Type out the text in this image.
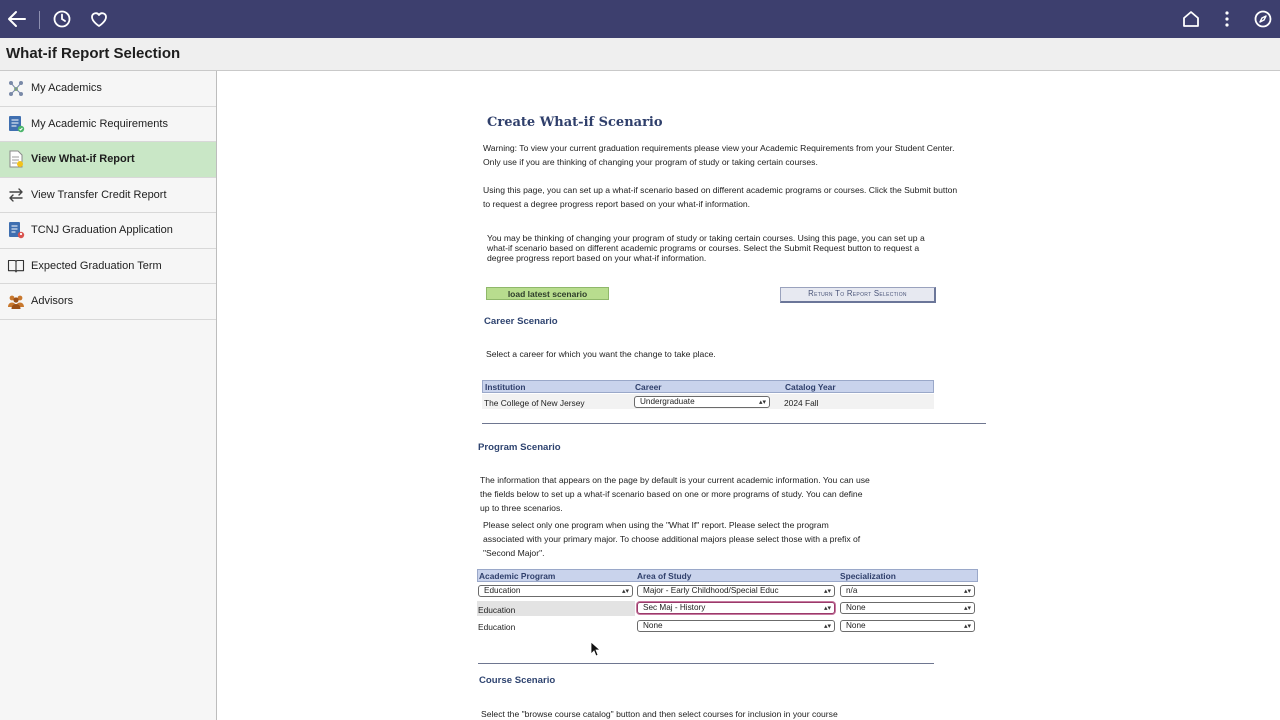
What-if Report Selection
My Academics
My Academic Requirements
View What-if Report
View Transfer Credit Report
TCNJ Graduation Application
Expected Graduation Term
Advisors
Create What-if Scenario
Warning: To view your current graduation requirements please view your Academic Requirements from your Student Center. Only use if you are thinking of changing your program of study or taking certain courses.
Using this page, you can set up a what-if scenario based on different academic programs or courses. Click the Submit button to request a degree progress report based on your what-if information.
You may be thinking of changing your program of study or taking certain courses. Using this page, you can set up a what-if scenario based on different academic programs or courses. Select the Submit Request button to request a degree progress report based on your what-if information.
load latest scenario	Return To Report Selection
Career Scenario
Select a career for which you want the change to take place.
Institution	Career	Catalog Year
The College of New Jersey	Undergraduate	▴▾ 2024 Fall
Program Scenario
The information that appears on the page by default is your current academic information. You can use the fields below to set up a what-if scenario based on one or more programs of study. You can define up to three scenarios.
Please select only one program when using the "What If" report. Please select the program associated with your primary major. To choose additional majors please select those with a prefix of "Second Major".
Academic Program	Area of Study	Specialization
Education	▴▾	Major - Early Childhood/Special Educ	▴▾	n/a	▴▾
Education	Sec Maj - History	▴▾	None	▴▾
Education	None	▴▾	None	▴▾
Course Scenario
Select the "browse course catalog" button and then select courses for inclusion in your course
